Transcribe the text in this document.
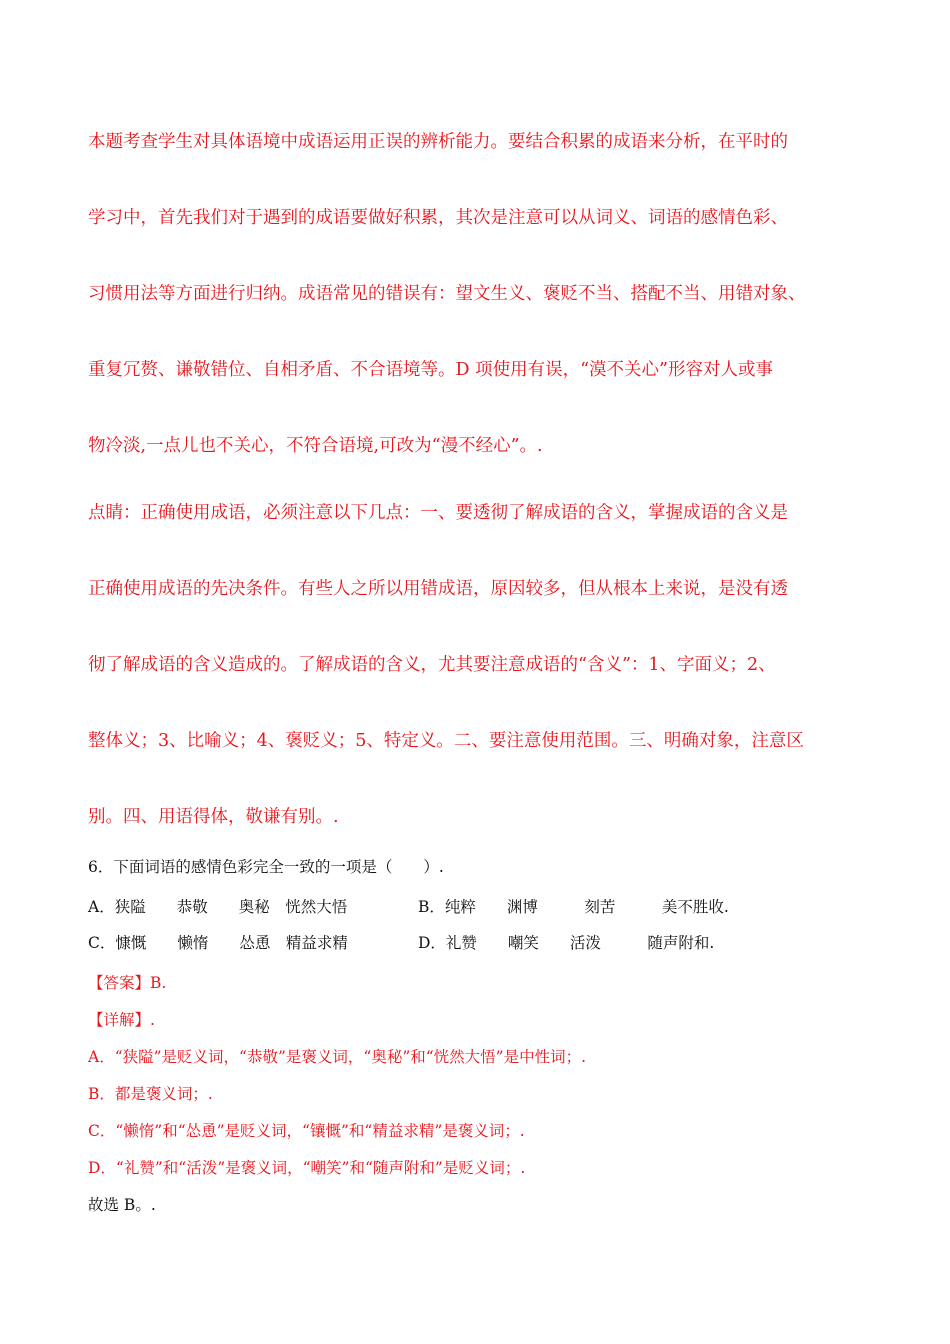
本题考查学生对具体语境中成语运用正误的辨析能力。要结合积累的成语来分析，在平时的
学习中，首先我们对于遇到的成语要做好积累，其次是注意可以从词义、词语的感情色彩、
习惯用法等方面进行归纳。成语常见的错误有：望文生义、褒贬不当、搭配不当、用错对象、
重复冗赘、谦敬错位、自相矛盾、不合语境等。D 项使用有误，“漠不关心”形容对人或事
物冷淡,一点儿也不关心，不符合语境,可改为“漫不经心”。.
点睛：正确使用成语，必须注意以下几点：一、要透彻了解成语的含义，掌握成语的含义是
正确使用成语的先决条件。有些人之所以用错成语，原因较多，但从根本上来说，是没有透
彻了解成语的含义造成的。了解成语的含义，尤其要注意成语的“含义”：1、字面义；2、
整体义；3、比喻义；4、褒贬义；5、特定义。二、要注意使用范围。三、明确对象，注意区
别。四、用语得体，敬谦有别。.
6．下面词语的感情色彩完全一致的一项是（　　）.
A．狭隘　　恭敬　　奥秘　恍然大悟	B．纯粹　　渊博　　　刻苦　　　美不胜收.
C．慷慨　　懒惰　　怂恿　精益求精	D．礼赞　　嘲笑　　活泼　　　随声附和.
【答案】B.
【详解】.
A．“狭隘”是贬义词，“恭敬”是褒义词，“奥秘”和“恍然大悟”是中性词；.
B．都是褒义词；.
C．“懒惰”和“怂恿”是贬义词，“镶慨”和“精益求精”是褒义词；.
D．“礼赞”和“活泼”是褒义词，“嘲笑”和“随声附和”是贬义词；.
故选 B。.
